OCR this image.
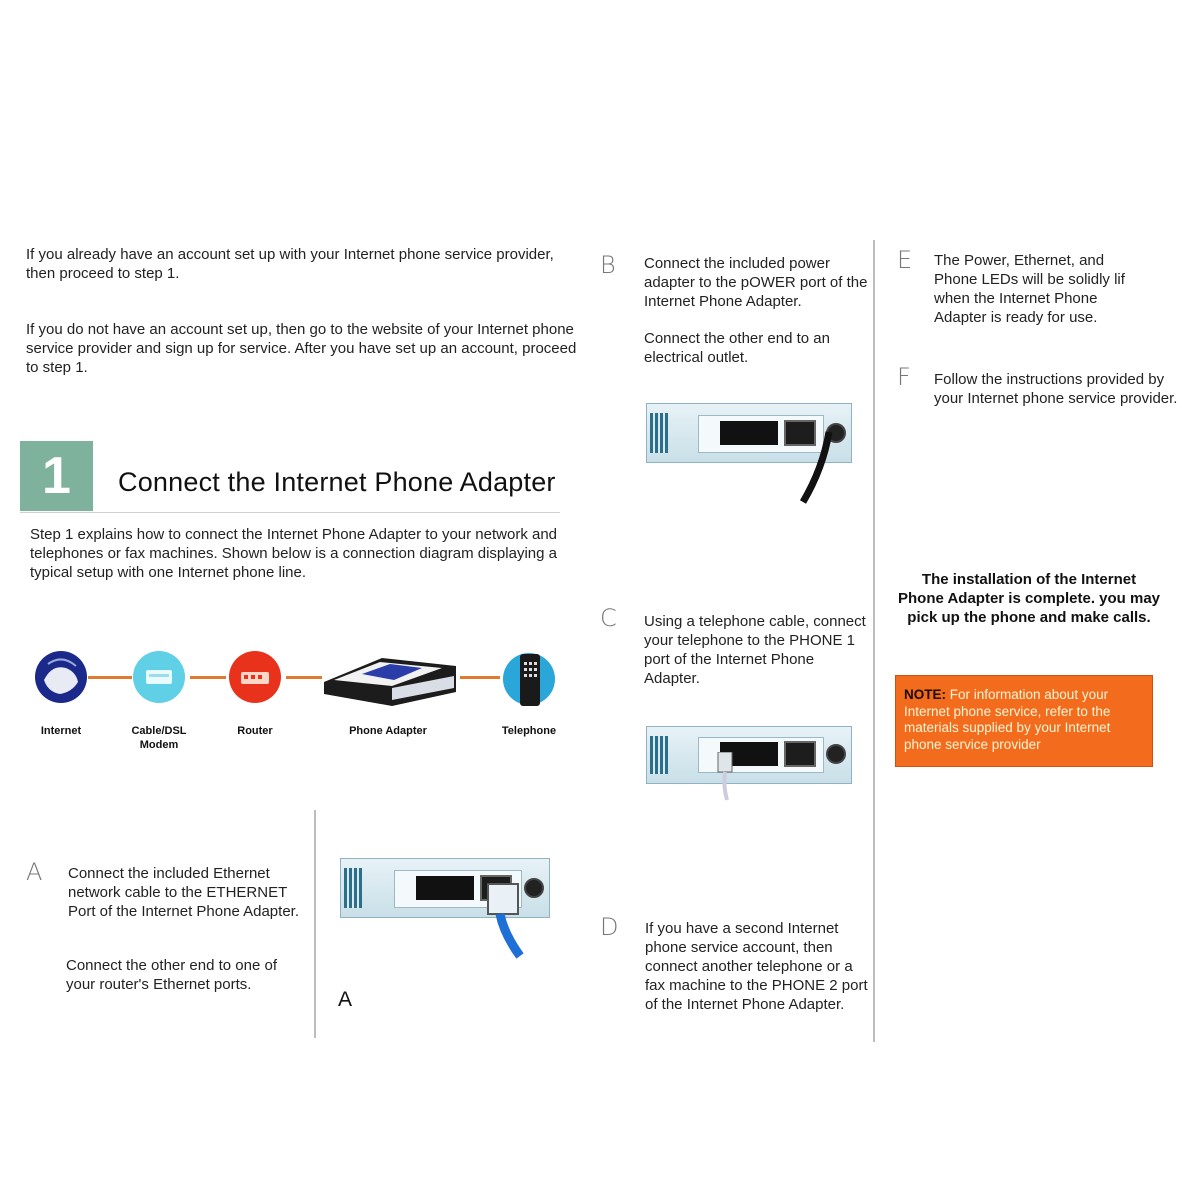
If you already have an account set up with your Internet phone service provider, then proceed to step 1.
If you do not have an account set up, then go to the website of your Internet phone service provider and sign up for service. After you have set up an account, proceed to step 1.
1	Connect the Internet Phone Adapter
Step 1 explains how to connect the Internet Phone Adapter to your network and telephones or fax machines. Shown below is a connection diagram displaying a typical setup with one Internet phone line.
Internet	Cable/DSL Modem
Router	Phone Adapter	Telephone
A Connect the included Ethernet network cable to the ETHERNET Port of the Internet Phone Adapter.
Connect the other end to one of your router's Ethernet ports.
A
B Connect the included power adapter to the pOWER port of the Internet Phone Adapter.
Connect the other end to an electrical outlet.
C Using a telephone cable, connect your telephone to the PHONE 1 port of the Internet Phone Adapter.
D If you have a second Internet phone service account, then connect another telephone or a fax machine to the PHONE 2 port of the Internet Phone Adapter.
E The Power, Ethernet, and Phone LEDs will be solidly lif when the Internet Phone Adapter is ready for use.
F Follow the instructions provided by your Internet phone service provider.
The installation of the Internet Phone Adapter is complete. you may pick up the phone and make calls.
NOTE: For information about your Internet phone service, refer to the materials supplied by your Internet phone service provider
